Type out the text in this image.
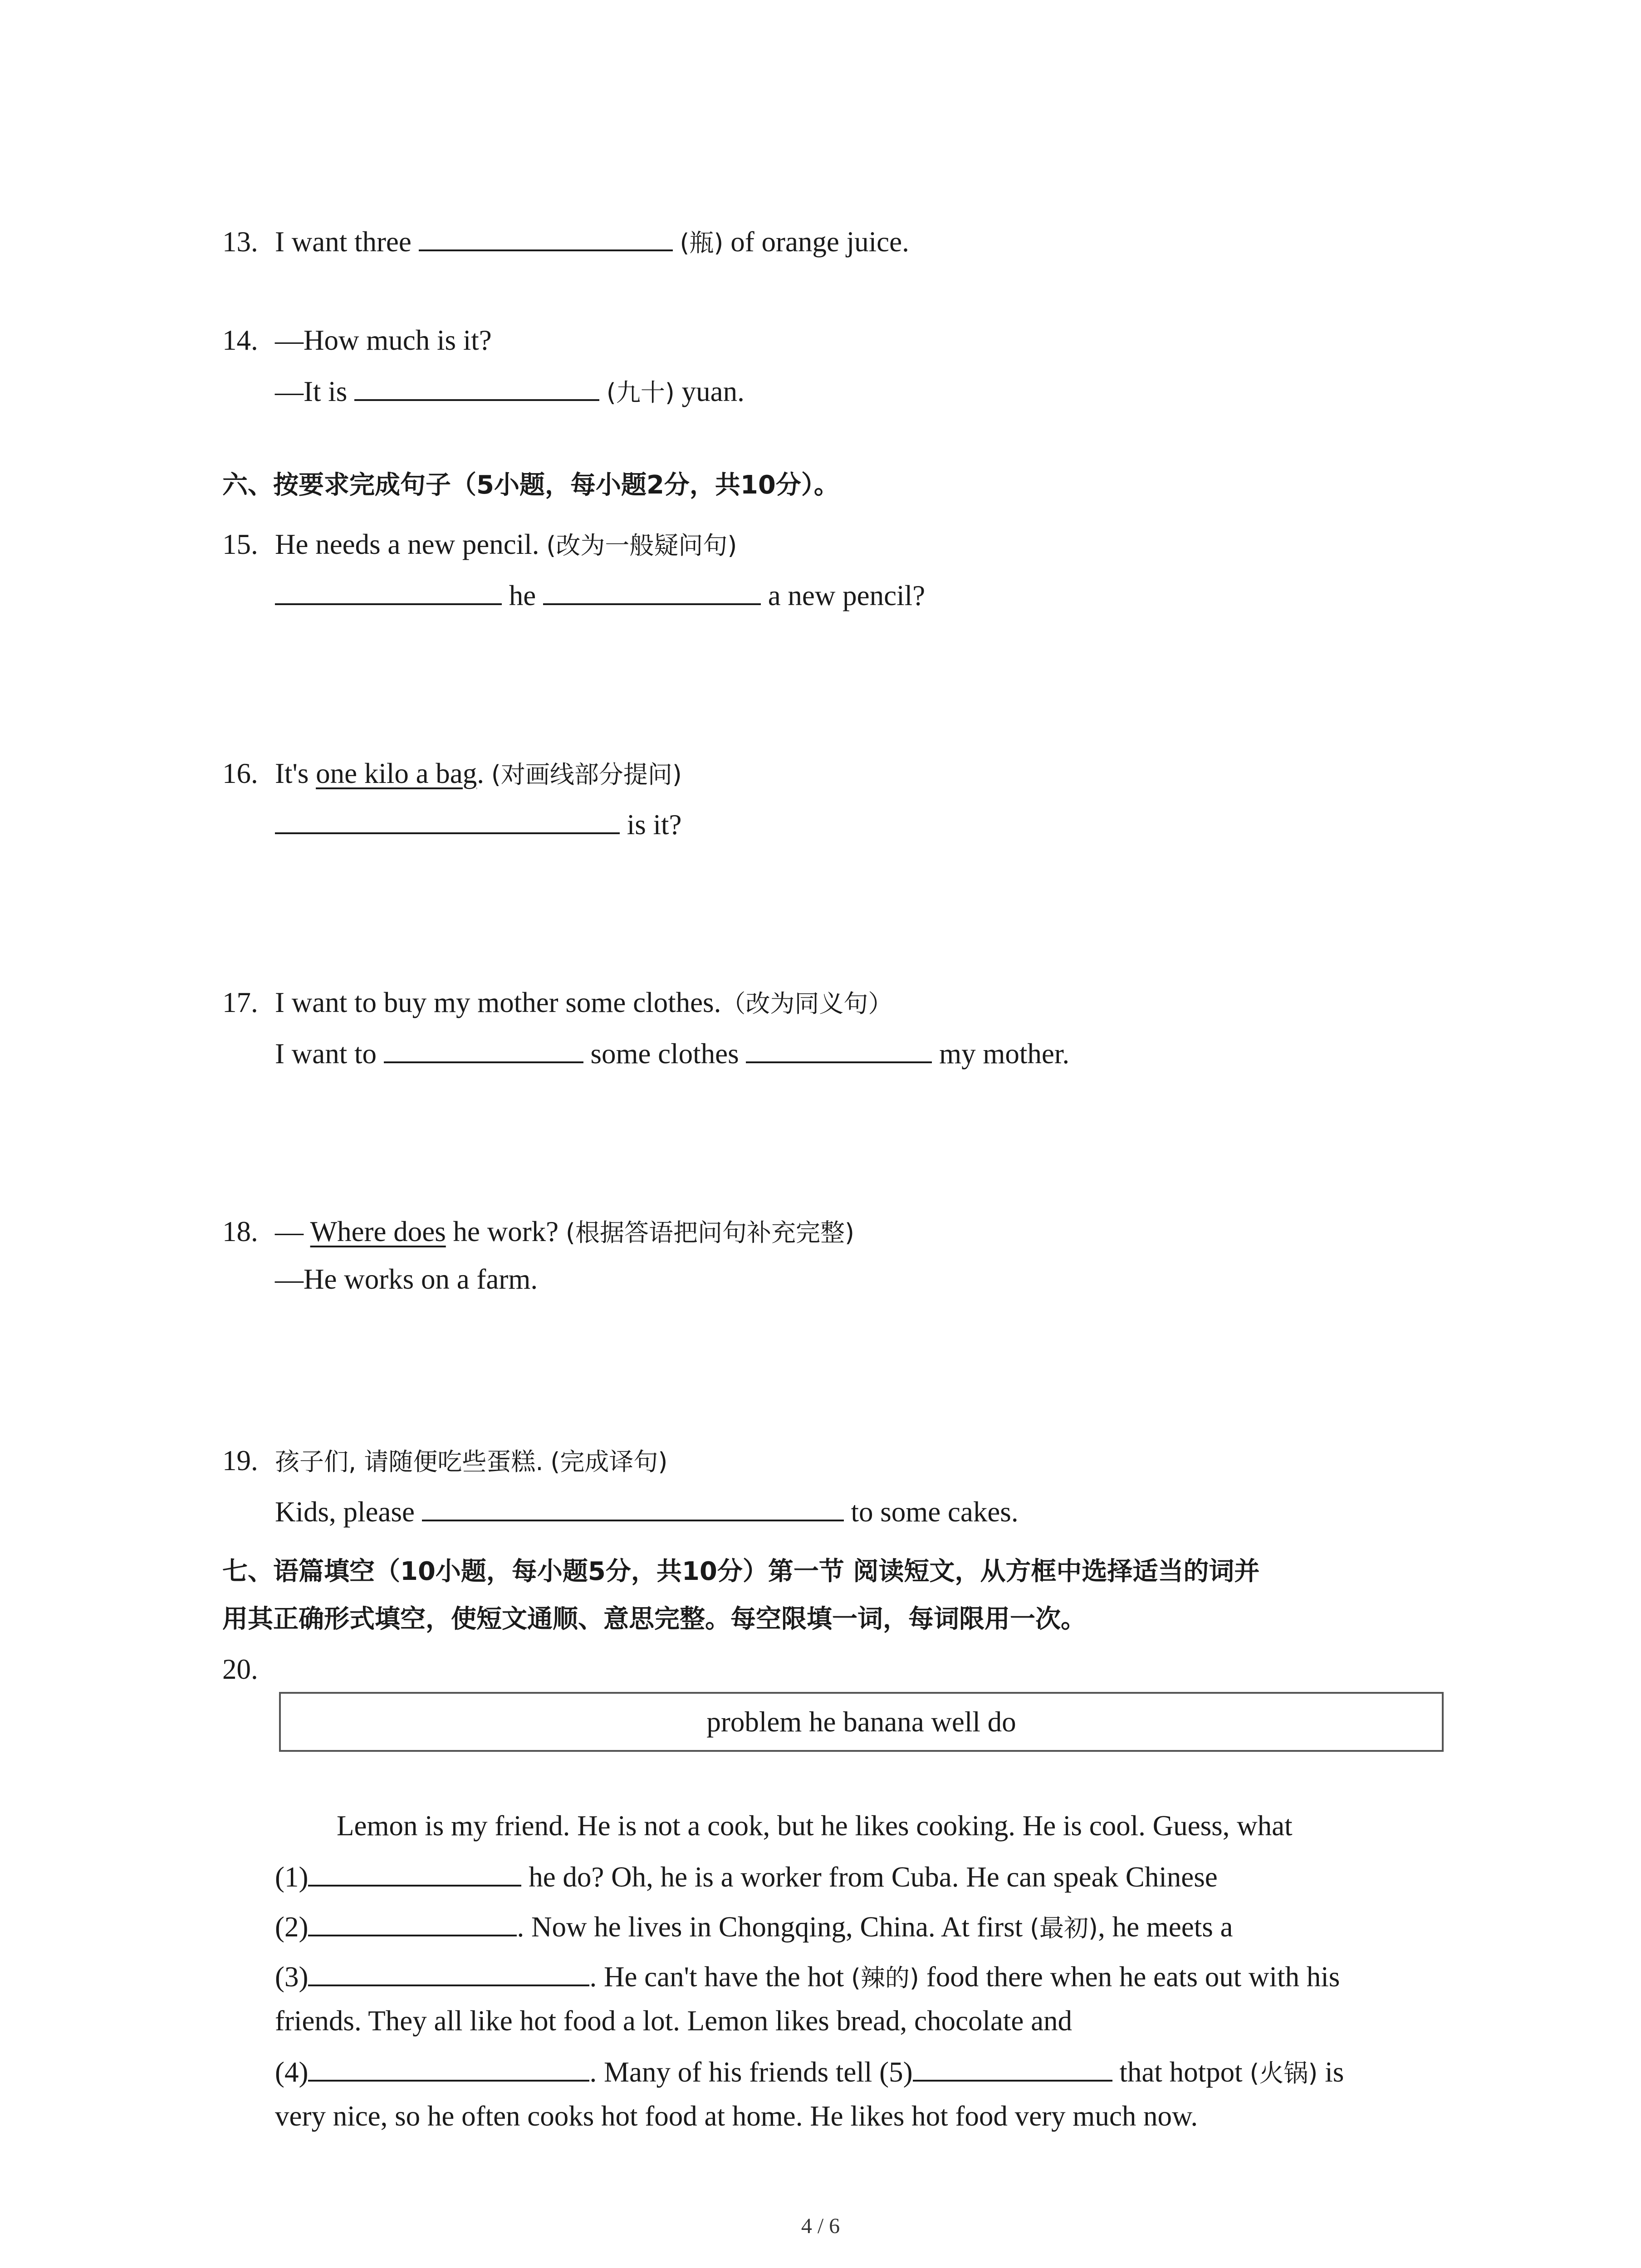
13. I want three	(瓶) of orange juice.
14. —How much is it?
—It is	(九十) yuan.
六、按要求完成句子（5小题，每小题2分，共10分）。
15. He needs a new pencil. (改为一般疑问句)
he	a new pencil?
16. It's one kilo a bag. (对画线部分提问)
is it?
17. I want to buy my mother some clothes.（改为同义句）
I want to	some clothes	my mother.
18. — Where does he work? (根据答语把问句补充完整)
—He works on a farm.
19. 孩子们, 请随便吃些蛋糕. (完成译句)
Kids, please	to some cakes.
七、语篇填空（10小题，每小题5分，共10分）第一节 阅读短文，从方框中选择适当的词并
用其正确形式填空，使短文通顺、意思完整。每空限填一词，每词限用一次。
20.
problem he banana well do
Lemon is my friend. He is not a cook, but he likes cooking. He is cool. Guess, what
(1)	he do? Oh, he is a worker from Cuba. He can speak Chinese
(2)	. Now he lives in Chongqing, China. At first (最初), he meets a
(3)	. He can't have the hot (辣的) food there when he eats out with his
friends. They all like hot food a lot. Lemon likes bread, chocolate and
(4)	. Many of his friends tell (5)	that hotpot (火锅) is
very nice, so he often cooks hot food at home. He likes hot food very much now.
4 / 6
